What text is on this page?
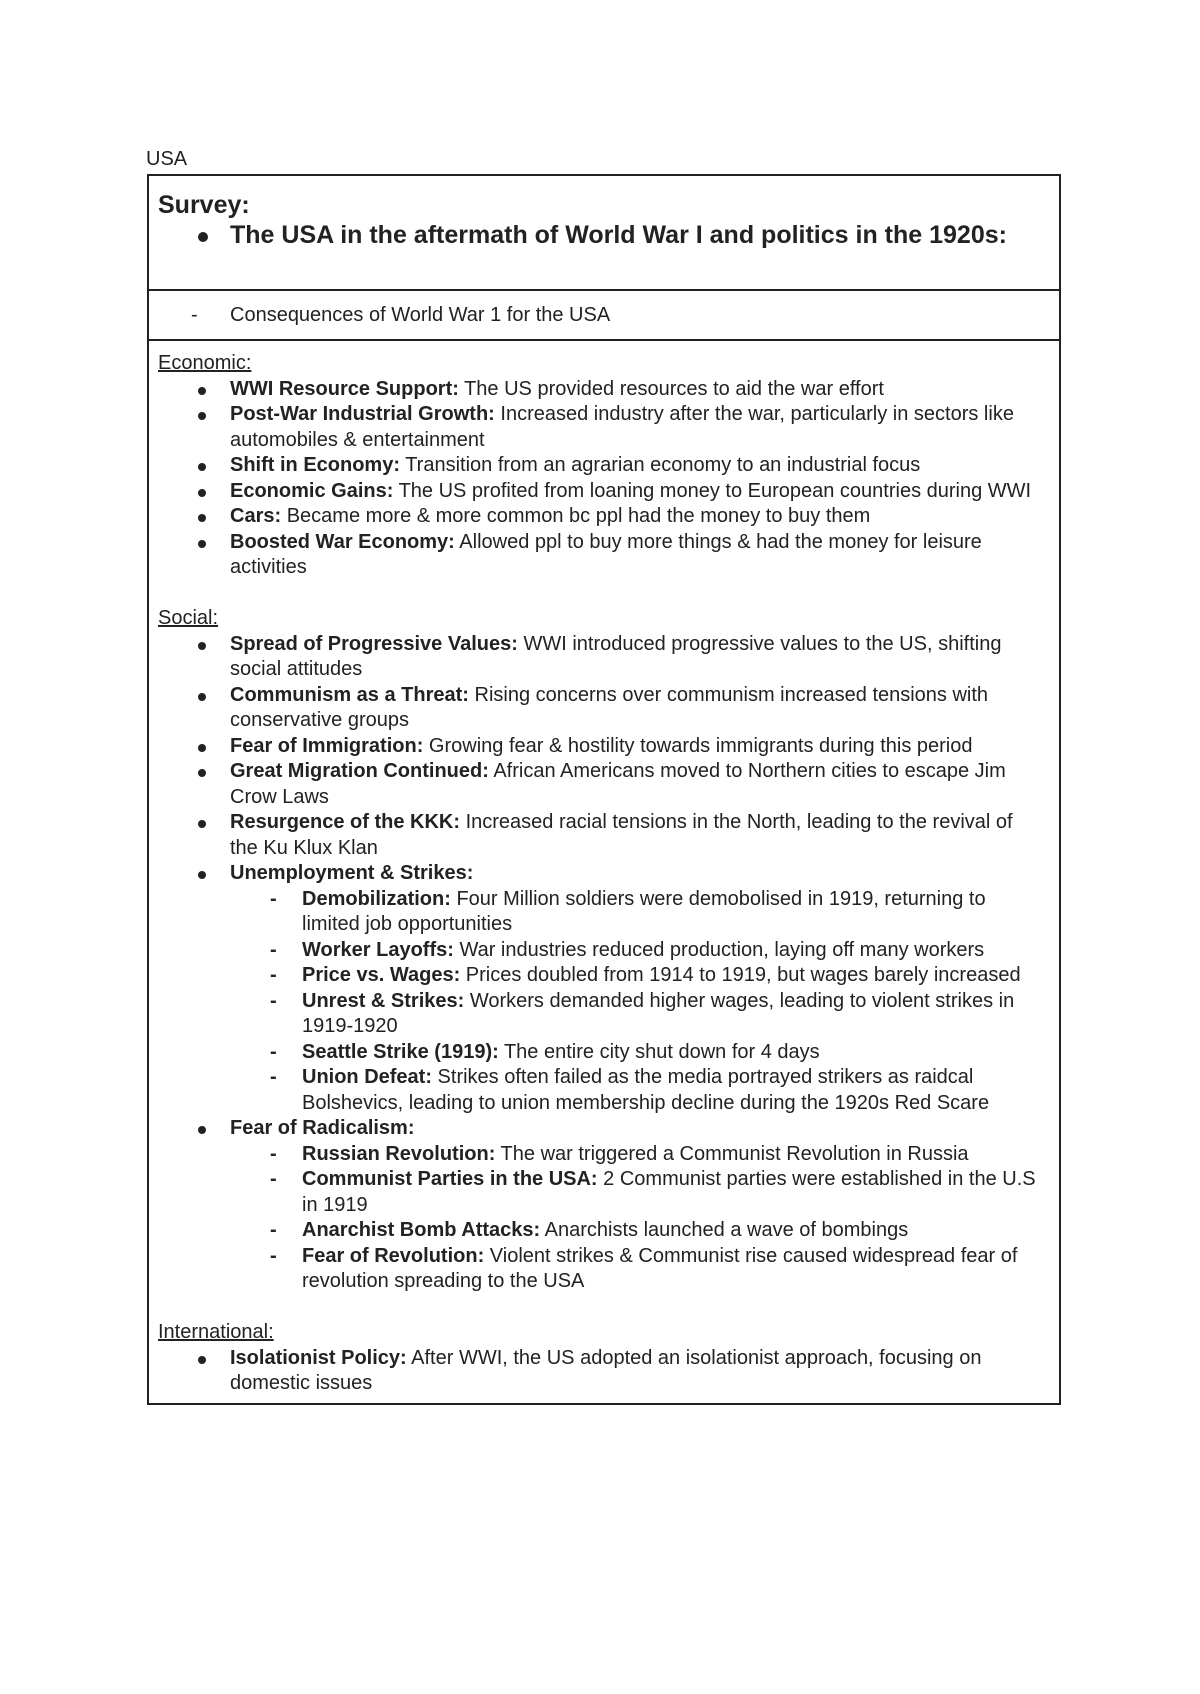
USA
Survey:
The USA in the aftermath of World War I and politics in the 1920s:
- Consequences of World War 1 for the USA
Economic:
WWI Resource Support: The US provided resources to aid the war effort
Post-War Industrial Growth: Increased industry after the war, particularly in sectors like automobiles & entertainment
Shift in Economy: Transition from an agrarian economy to an industrial focus
Economic Gains: The US profited from loaning money to European countries during WWI
Cars: Became more & more common bc ppl had the money to buy them
Boosted War Economy: Allowed ppl to buy more things & had the money for leisure activities
Social:
Spread of Progressive Values: WWI introduced progressive values to the US, shifting social attitudes
Communism as a Threat: Rising concerns over communism increased tensions with conservative groups
Fear of Immigration: Growing fear & hostility towards immigrants during this period
Great Migration Continued: African Americans moved to Northern cities to escape Jim Crow Laws
Resurgence of the KKK: Increased racial tensions in the North, leading to the revival of the Ku Klux Klan
Unemployment & Strikes:
- Demobilization: Four Million soldiers were demobolised in 1919, returning to limited job opportunities
- Worker Layoffs: War industries reduced production, laying off many workers
- Price vs. Wages: Prices doubled from 1914 to 1919, but wages barely increased
- Unrest & Strikes: Workers demanded higher wages, leading to violent strikes in 1919-1920
- Seattle Strike (1919): The entire city shut down for 4 days
- Union Defeat: Strikes often failed as the media portrayed strikers as raidcal Bolshevics, leading to union membership decline during the 1920s Red Scare
Fear of Radicalism:
- Russian Revolution: The war triggered a Communist Revolution in Russia
- Communist Parties in the USA: 2 Communist parties were established in the U.S in 1919
- Anarchist Bomb Attacks: Anarchists launched a wave of bombings
- Fear of Revolution: Violent strikes & Communist rise caused widespread fear of revolution spreading to the USA
International:
Isolationist Policy: After WWI, the US adopted an isolationist approach, focusing on domestic issues
